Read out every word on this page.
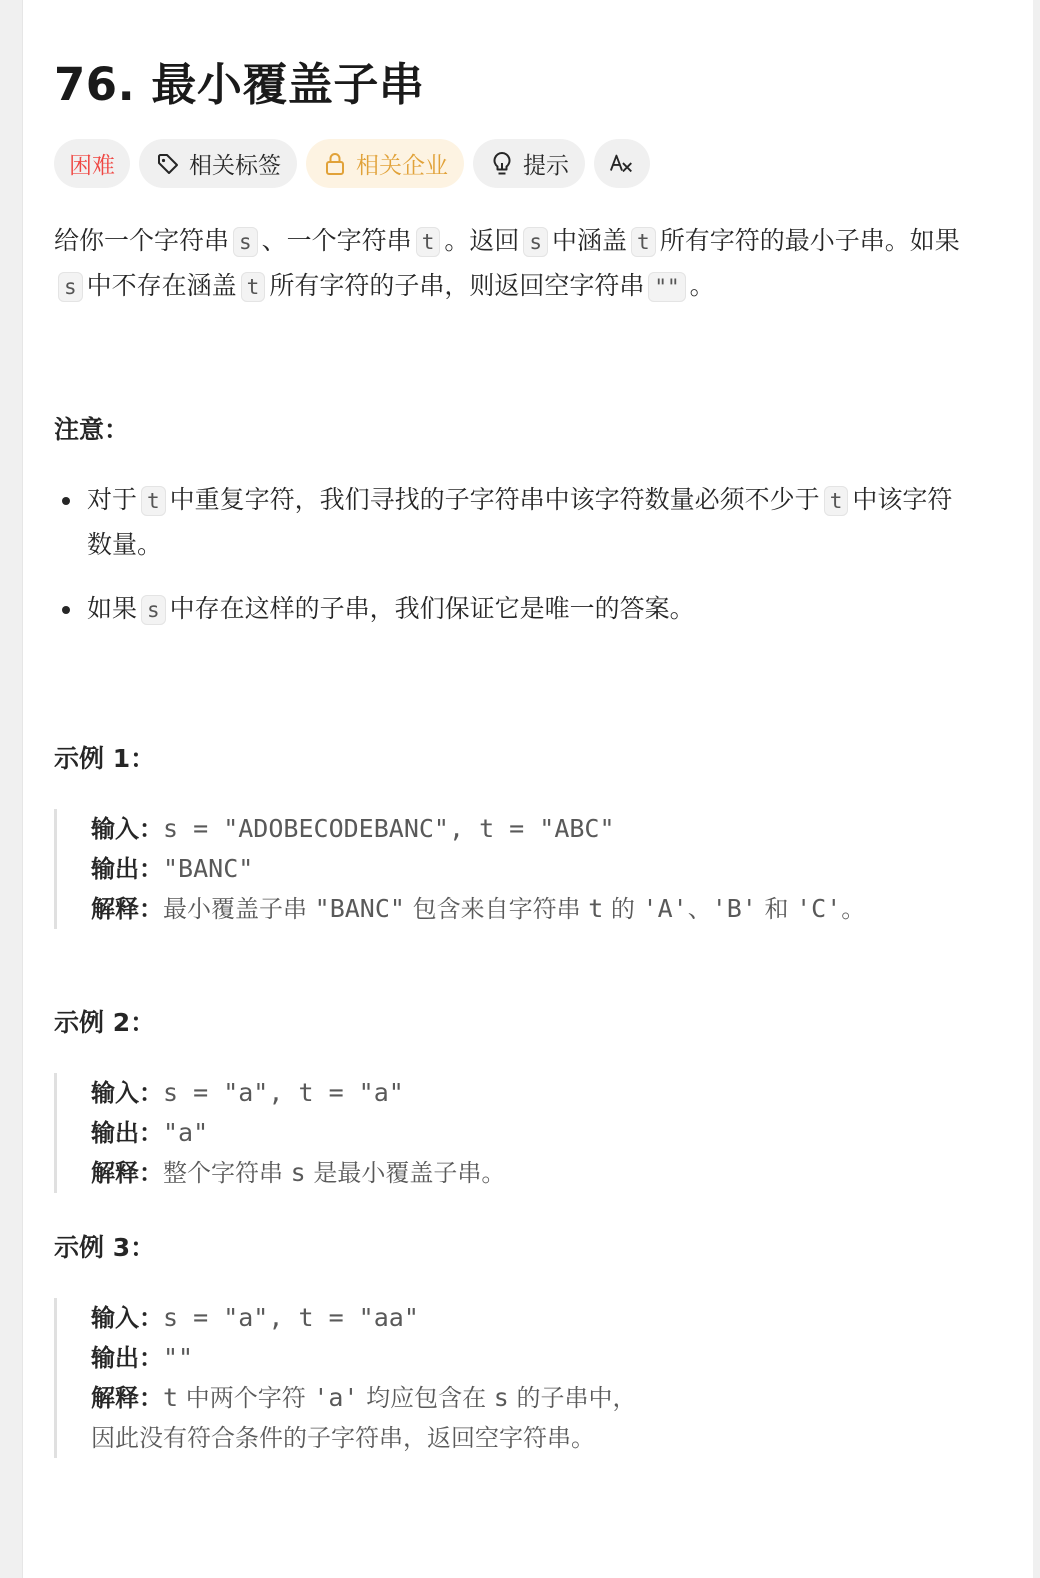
76. 最小覆盖子串
困难	相关标签	相关企业	提示
给你一个字符串 s 、一个字符串 t 。返回 s 中涵盖 t 所有字符的最小子串。如果s 中不存在涵盖 t 所有字符的子串，则返回空字符串 "" 。
注意：
对于 t 中重复字符，我们寻找的子字符串中该字符数量必须不少于 t 中该字符数量。
如果 s 中存在这样的子串，我们保证它是唯一的答案。
示例 1：
输入：s = "ADOBECODEBANC", t = "ABC"
输出："BANC"
解释：最小覆盖子串 "BANC" 包含来自字符串 t 的 'A'、'B' 和 'C'。
示例 2：
输入：s = "a", t = "a"
输出："a"
解释：整个字符串 s 是最小覆盖子串。
示例 3：
输入：s = "a", t = "aa"
输出：""
解释：t 中两个字符 'a' 均应包含在 s 的子串中，
因此没有符合条件的子字符串，返回空字符串。
